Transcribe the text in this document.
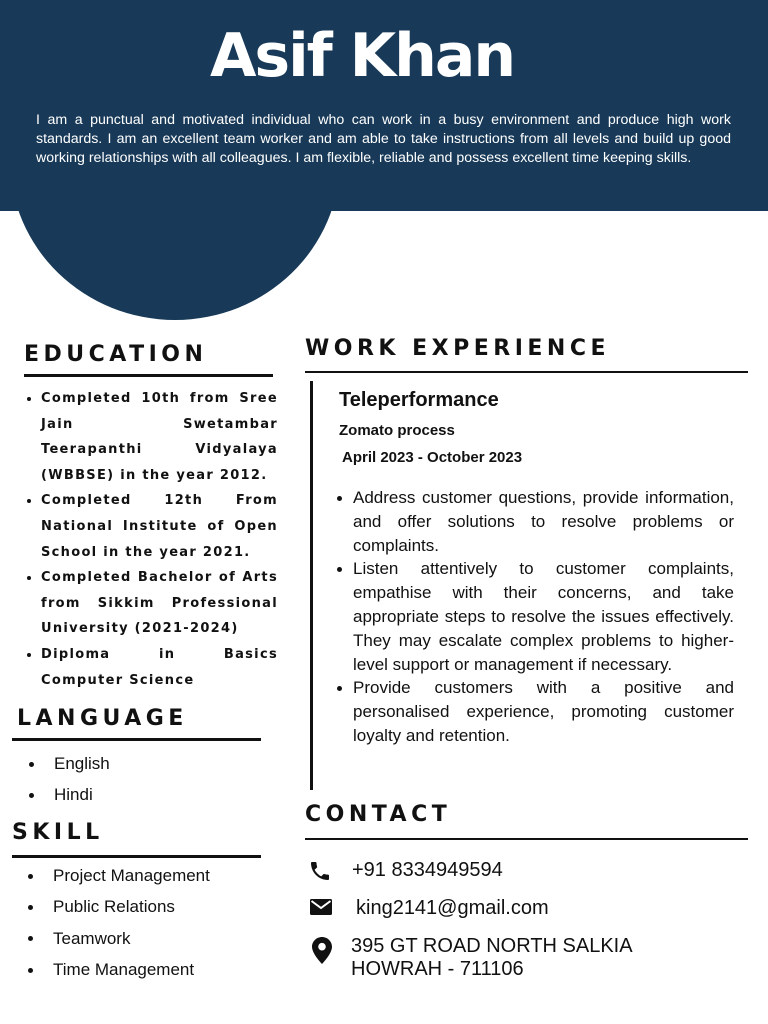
Asif Khan

I am a punctual and motivated individual who can work in a busy environment and produce high work standards. I am an excellent team worker and am able to take instructions from all levels and build up good working relationships with all colleagues. I am flexible, reliable and possess excellent time keeping skills.

EDUCATION
Completed 10th from Sree Jain Swetambar Teerapanthi Vidyalaya (WBBSE) in the year 2012.
Completed 12th From National Institute of Open School in the year 2021.
Completed Bachelor of Arts from Sikkim Professional University (2021-2024)
Diploma in Basics Computer Science
LANGUAGE
English
Hindi
SKILL
Project Management
Public Relations
Teamwork
Time Management
WORK EXPERIENCE
Teleperformance

Zomato process

April 2023 - October 2023

Address customer questions, provide information, and offer solutions to resolve problems or complaints.
Listen attentively to customer complaints, empathise with their concerns, and take appropriate steps to resolve the issues effectively. They may escalate complex problems to higher-level support or management if necessary.
Provide customers with a positive and personalised experience, promoting customer loyalty and retention.
CONTACT
+91 8334949594
king2141@gmail.com
395 GT ROAD NORTH SALKIA
HOWRAH - 711106
